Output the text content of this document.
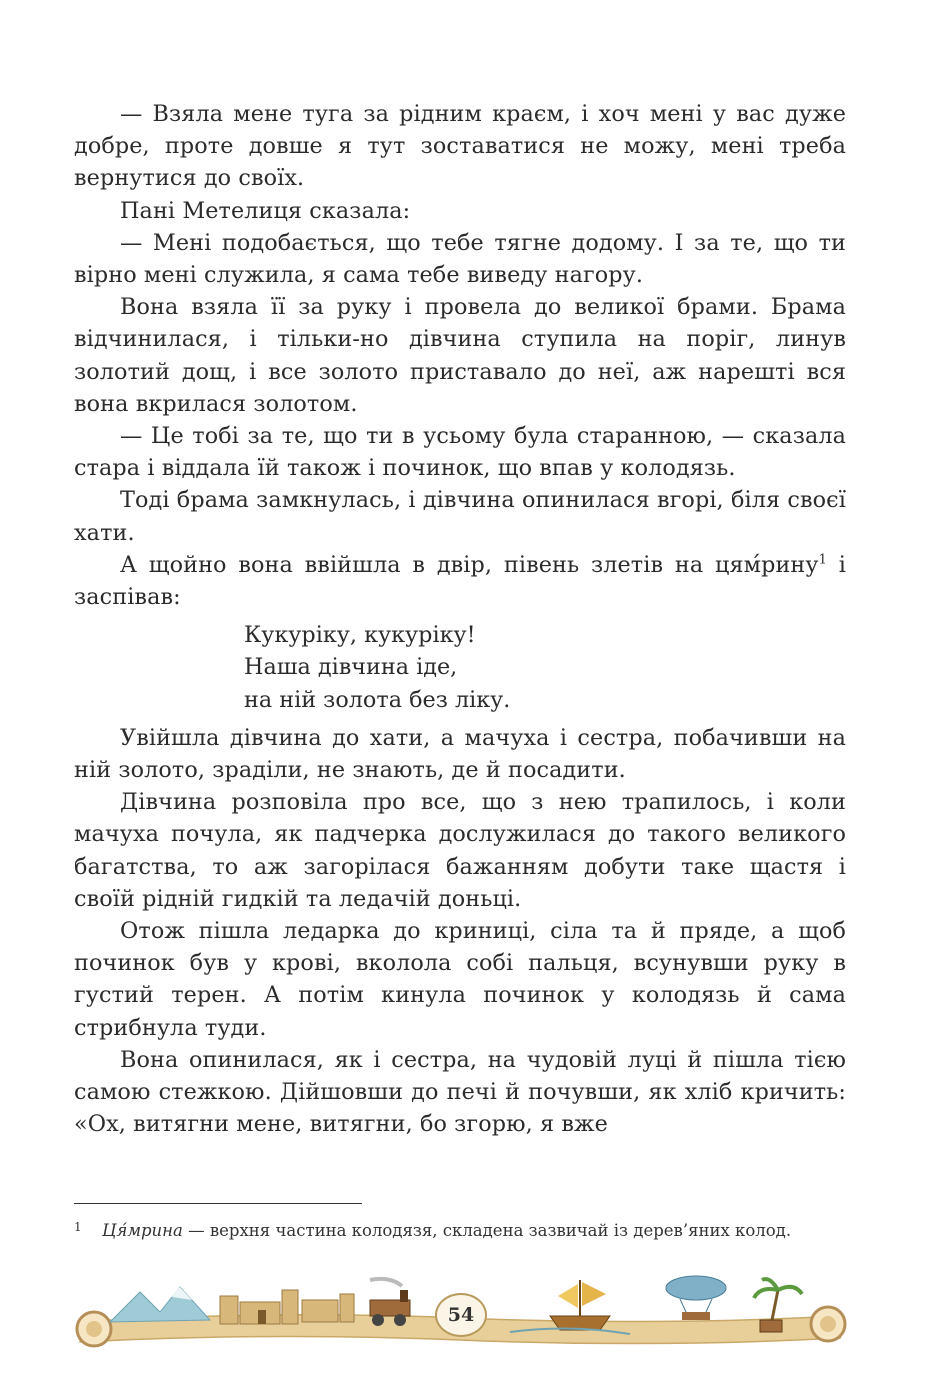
— Взяла мене туга за рідним краєм, і хоч мені у вас дуже добре, проте довше я тут зоставатися не можу, мені треба вернутися до своїх.

Пані Метелиця сказала:

— Мені подобається, що тебе тягне додому. І за те, що ти вірно мені служила, я сама тебе виведу нагору.

Вона взяла її за руку і провела до великої брами. Брама відчинилася, і тільки-но дівчина ступила на поріг, линув золотий дощ, і все золото приставало до неї, аж нарешті вся вона вкрилася золотом.

— Це тобі за те, що ти в усьому була старанною, — сказала стара і віддала їй також і починок, що впав у колодязь.

Тоді брама замкнулась, і дівчина опинилася вгорі, біля своєї хати.

А щойно вона ввійшла в двір, півень злетів на цям ́рину$^1$ і заспівав:

Кукуріку, кукуріку!
Наша дівчина іде,
на ній золота без ліку.

Увійшла дівчина до хати, а мачуха і сестра, побачивши на ній золото, зраділи, не знають, де й посадити.

Дівчина розповіла про все, що з нею трапилось, і коли мачуха почула, як падчерка дослужилася до такого великого багатства, то аж загорілася бажанням добути таке щастя і своїй рідній гидкій та ледачій доньці.

Отож пішла ледарка до криниці, сіла та й пряде, а щоб починок був у крові, вколола собі пальця, всунувши руку в густий терен. А потім кинула починок у колодязь й сама стрибнула туди.

Вона опинилася, як і сестра, на чудовій луці й пішла тією самою стежкою. Дійшовши до печі й почувши, як хліб кричить: «Ох, витягни мене, витягни, бо згорю, я вже

1	Ця́мрина — верхня частина колодязя, складена зазвичай із дерев’яних колод.
54
